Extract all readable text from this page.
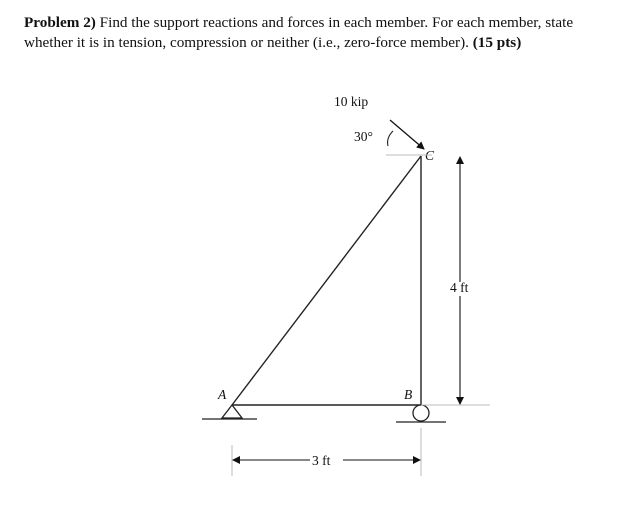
Problem 2) Find the support reactions and forces in each member. For each member, state whether it is in tension, compression or neither (i.e., zero-force member). (15 pts)
A	B
C
10 kip
30°
4 ft
3 ft
